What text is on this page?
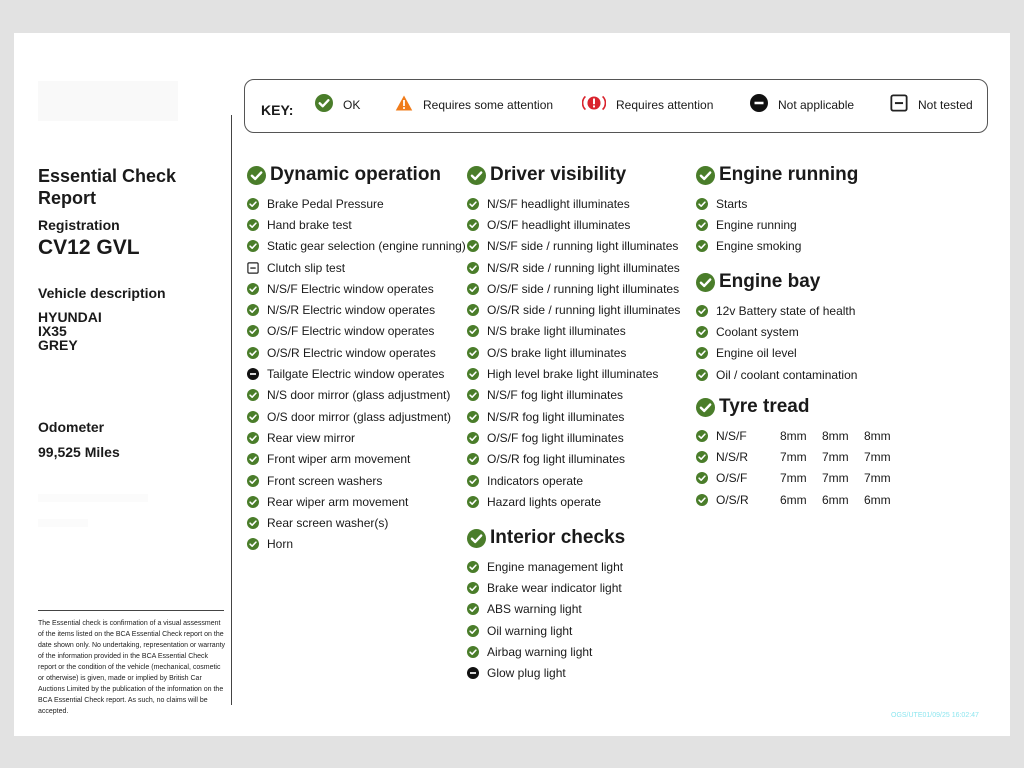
Essential Check Report
Registration
CV12 GVL
Vehicle description
HYUNDAI
IX35
GREY
Odometer
99,525 Miles
The Essential check is confirmation of a visual assessment of the items listed on the BCA Essential Check report on the date shown only. No undertaking, representation or warranty of the information provided in the BCA Essential Check report or the condition of the vehicle (mechanical, cosmetic or otherwise) is given, made or implied by British Car Auctions Limited by the publication of the information on the BCA Essential Check report. As such, no claims will be accepted.
KEY:	OK	Requires some attention	Requires attention	Not applicable	Not tested
Dynamic operation
Brake Pedal Pressure
Hand brake test
Static gear selection (engine running)
Clutch slip test
N/S/F Electric window operates
N/S/R Electric window operates
O/S/F Electric window operates
O/S/R Electric window operates
Tailgate Electric window operates
N/S door mirror (glass adjustment)
O/S door mirror (glass adjustment)
Rear view mirror
Front wiper arm movement
Front screen washers
Rear wiper arm movement
Rear screen washer(s)
Horn
Driver visibility
N/S/F headlight illuminates
O/S/F headlight illuminates
N/S/F side / running light illuminates
N/S/R side / running light illuminates
O/S/F side / running light illuminates
O/S/R side / running light illuminates
N/S brake light illuminates
O/S brake light illuminates
High level brake light illuminates
N/S/F fog light illuminates
N/S/R fog light illuminates
O/S/F fog light illuminates
O/S/R fog light illuminates
Indicators operate
Hazard lights operate
Interior checks
Engine management light
Brake wear indicator light
ABS warning light
Oil warning light
Airbag warning light
Glow plug light
Engine running
Starts
Engine running
Engine smoking
Engine bay
12v Battery state of health
Coolant system
Engine oil level
Oil / coolant contamination
Tyre tread
N/S/F	8mm	8mm	8mm
N/S/R	7mm	7mm	7mm
O/S/F	7mm	7mm	7mm
O/S/R	6mm	6mm	6mm
OGS/UTE01/09/25 16:02:47
